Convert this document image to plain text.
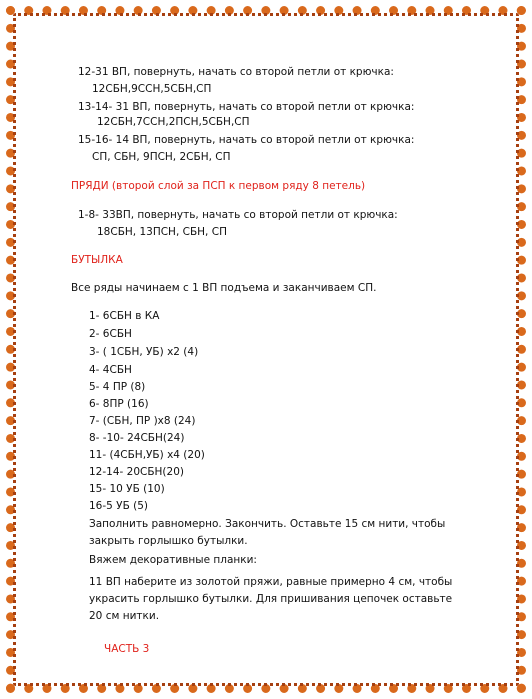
12-31 ВП, повернуть, начать со второй петли от крючка:
12СБН,9ССН,5СБН,СП
13-14- 31 ВП, повернуть, начать со второй петли от крючка:
12СБН,7ССН,2ПСН,5СБН,СП
15-16- 14 ВП, повернуть, начать со второй петли от крючка:
СП, СБН, 9ПСН, 2СБН, СП
ПРЯДИ (второй слой за ПСП к первом ряду 8 петель)
1-8- 33ВП, повернуть, начать со второй петли от крючка:
18СБН, 13ПСН, СБН, СП
БУТЫЛКА
Все ряды начинаем с 1 ВП подъема и заканчиваем СП.
1- 6СБН в КА
2- 6СБН
3- ( 1СБН, УБ) х2 (4)
4- 4СБН
5- 4 ПР (8)
6- 8ПР (16)
7- (СБН, ПР )х8 (24)
8- -10- 24СБН(24)
11- (4СБН,УБ) х4 (20)
12-14- 20СБН(20)
15- 10 УБ (10)
16-5 УБ (5)
Заполнить равномерно. Закончить. Оставьте 15 см нити, чтобы
закрыть горлышко бутылки.
Вяжем декоративные планки:
11 ВП наберите из золотой пряжи, равные примерно 4 см, чтобы
украсить горлышко бутылки. Для пришивания цепочек оставьте
20 см нитки.
ЧАСТЬ 3
